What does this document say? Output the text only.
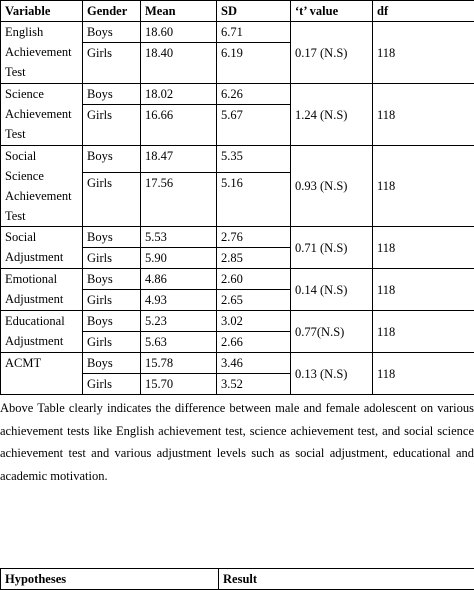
Variable	Gender	Mean	SD	‘t’ value	df
English Achievement Test	Boys	18.60	6.71	0.17 (N.S)	118
	Girls	18.40	6.19		
Science Achievement Test	Boys	18.02	6.26	1.24 (N.S)	118
	Girls	16.66	5.67		
Social Science Achievement Test	Boys	18.47	5.35	0.93 (N.S)	118
	Girls	17.56	5.16		
Social Adjustment	Boys	5.53	2.76	0.71 (N.S)	118
	Girls	5.90	2.85		
Emotional Adjustment	Boys	4.86	2.60	0.14 (N.S)	118
	Girls	4.93	2.65		
Educational Adjustment	Boys	5.23	3.02	0.77(N.S)	118
	Girls	5.63	2.66		
ACMT	Boys	15.78	3.46	0.13 (N.S)	118
	Girls	15.70	3.52		

Above Table clearly indicates the difference between male and female adolescent on various achievement tests like English achievement test, science achievement test, and social science achievement test and various adjustment levels such as social adjustment, educational and academic motivation.

Hypotheses	Result
